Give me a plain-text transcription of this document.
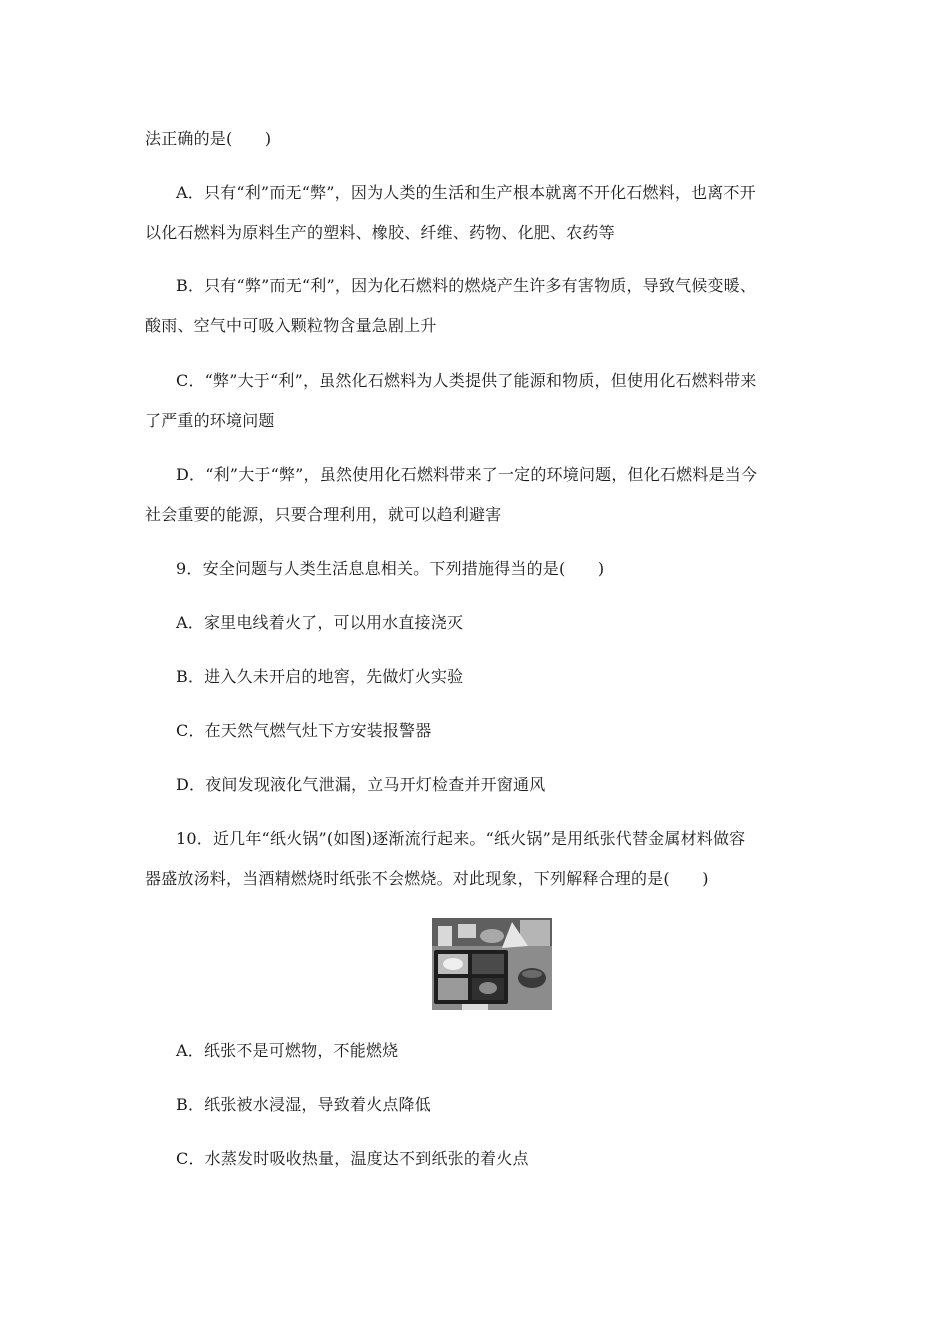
法正确的是(　　)
A．只有“利”而无“弊”，因为人类的生活和生产根本就离不开化石燃料，也离不开
以化石燃料为原料生产的塑料、橡胶、纤维、药物、化肥、农药等
B．只有“弊”而无“利”，因为化石燃料的燃烧产生许多有害物质，导致气候变暖、
酸雨、空气中可吸入颗粒物含量急剧上升
C．“弊”大于“利”，虽然化石燃料为人类提供了能源和物质，但使用化石燃料带来
了严重的环境问题
D．“利”大于“弊”，虽然使用化石燃料带来了一定的环境问题，但化石燃料是当今
社会重要的能源，只要合理利用，就可以趋利避害
9．安全问题与人类生活息息相关。下列措施得当的是(　　)
A．家里电线着火了，可以用水直接浇灭
B．进入久未开启的地窖，先做灯火实验
C．在天然气燃气灶下方安装报警器
D．夜间发现液化气泄漏，立马开灯检查并开窗通风
10．近几年“纸火锅”(如图)逐渐流行起来。“纸火锅”是用纸张代替金属材料做容
器盛放汤料，当酒精燃烧时纸张不会燃烧。对此现象，下列解释合理的是(　　)
A．纸张不是可燃物，不能燃烧
B．纸张被水浸湿，导致着火点降低
C．水蒸发时吸收热量，温度达不到纸张的着火点
